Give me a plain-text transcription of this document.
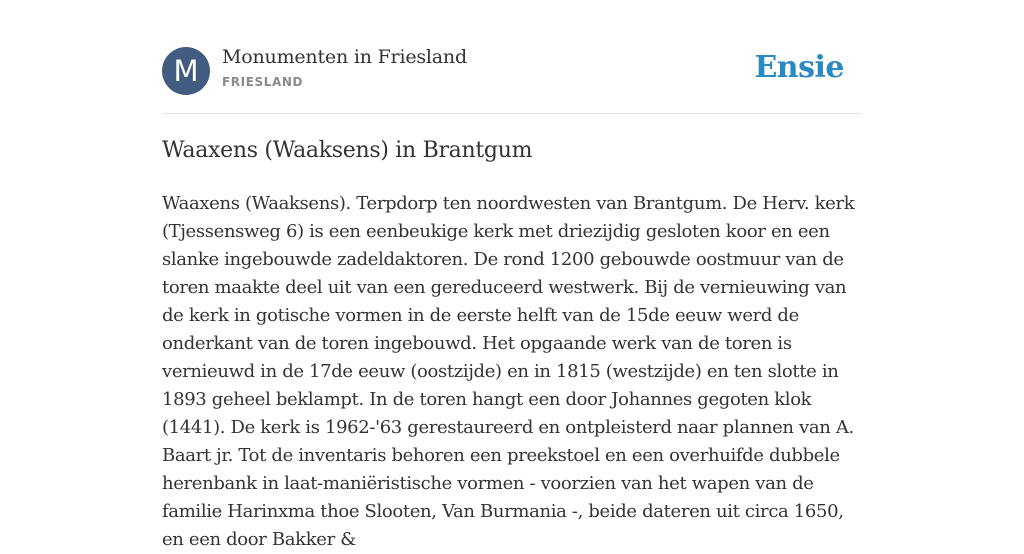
M	Monumenten in Friesland
FRIESLAND	Ensie
Waaxens (Waaksens) in Brantgum

Waaxens (Waaksens). Terpdorp ten noordwesten van Brantgum. De Herv. kerk (Tjessensweg 6) is een eenbeukige kerk met driezijdig gesloten koor en een slanke ingebouwde zadeldaktoren. De rond 1200 gebouwde oostmuur van de toren maakte deel uit van een gereduceerd westwerk. Bij de vernieuwing van de kerk in gotische vormen in de eerste helft van de 15de eeuw werd de onderkant van de toren ingebouwd. Het opgaande werk van de toren is vernieuwd in de 17de eeuw (oostzijde) en in 1815 (westzijde) en ten slotte in 1893 geheel beklampt. In de toren hangt een door Johannes gegoten klok (1441). De kerk is 1962-'63 gerestaureerd en ontpleisterd naar plannen van A. Baart jr. Tot de inventaris behoren een preekstoel en een overhuifde dubbele herenbank in laat-maniëristische vormen - voorzien van het wapen van de familie Harinxma thoe Slooten, Van Burmania -, beide dateren uit circa 1650, en een door Bakker &
